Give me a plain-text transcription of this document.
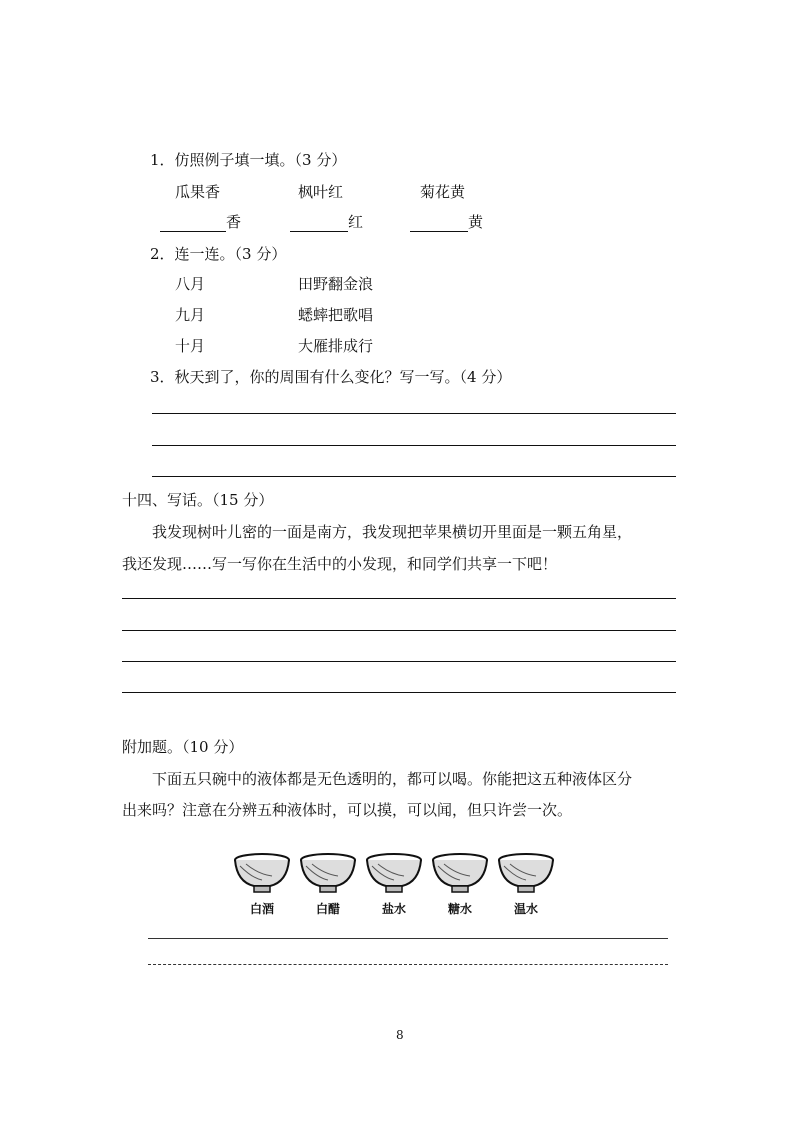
1．仿照例子填一填。（3 分）
瓜果香	枫叶红	菊花黄
香	红	黄
2．连一连。（3 分）
八月	田野翻金浪
九月	蟋蟀把歌唱
十月	大雁排成行
3．秋天到了，你的周围有什么变化？写一写。（4 分）
十四、写话。（15 分）
我发现树叶儿密的一面是南方，我发现把苹果横切开里面是一颗五角星，
我还发现……写一写你在生活中的小发现，和同学们共享一下吧！
附加题。（10 分）
下面五只碗中的液体都是无色透明的，都可以喝。你能把这五种液体区分
出来吗？注意在分辨五种液体时，可以摸，可以闻，但只许尝一次。
白酒	白醋	盐水	糖水	温水
8
